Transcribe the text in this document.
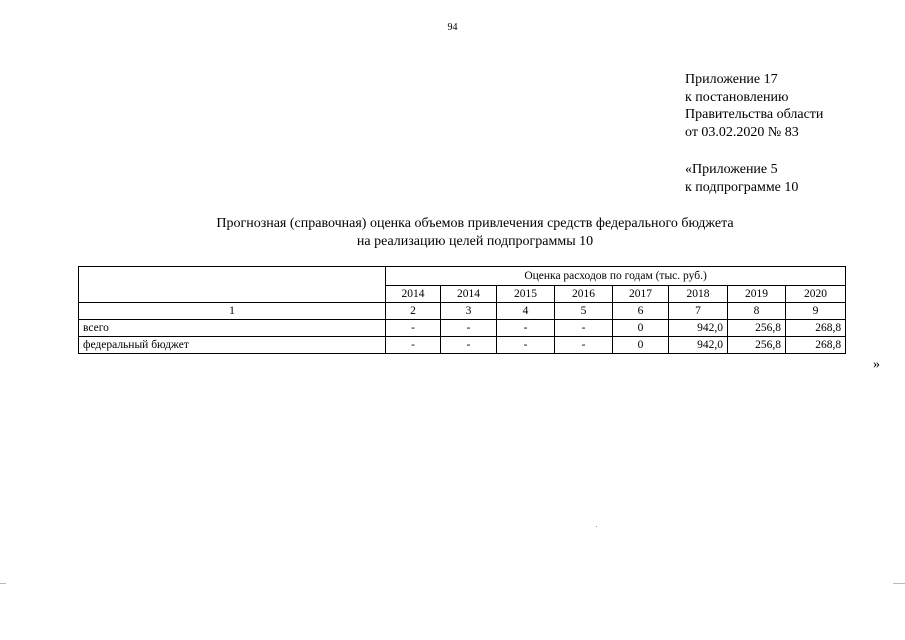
94
Приложение 17
к постановлению
Правительства области
от 03.02.2020 № 83
«Приложение 5
к подпрограмме 10
Прогнозная (справочная) оценка объемов привлечения средств федерального бюджета
на реализацию целей подпрограммы 10
	Оценка расходов по годам (тыс. руб.)							
	2014	2014	2015	2016	2017	2018	2019	2020
1	2	3	4	5	6	7	8	9
всего	-	-	-	-	0	942,0	256,8	268,8
федеральный бюджет	-	-	-	-	0	942,0	256,8	268,8
»
